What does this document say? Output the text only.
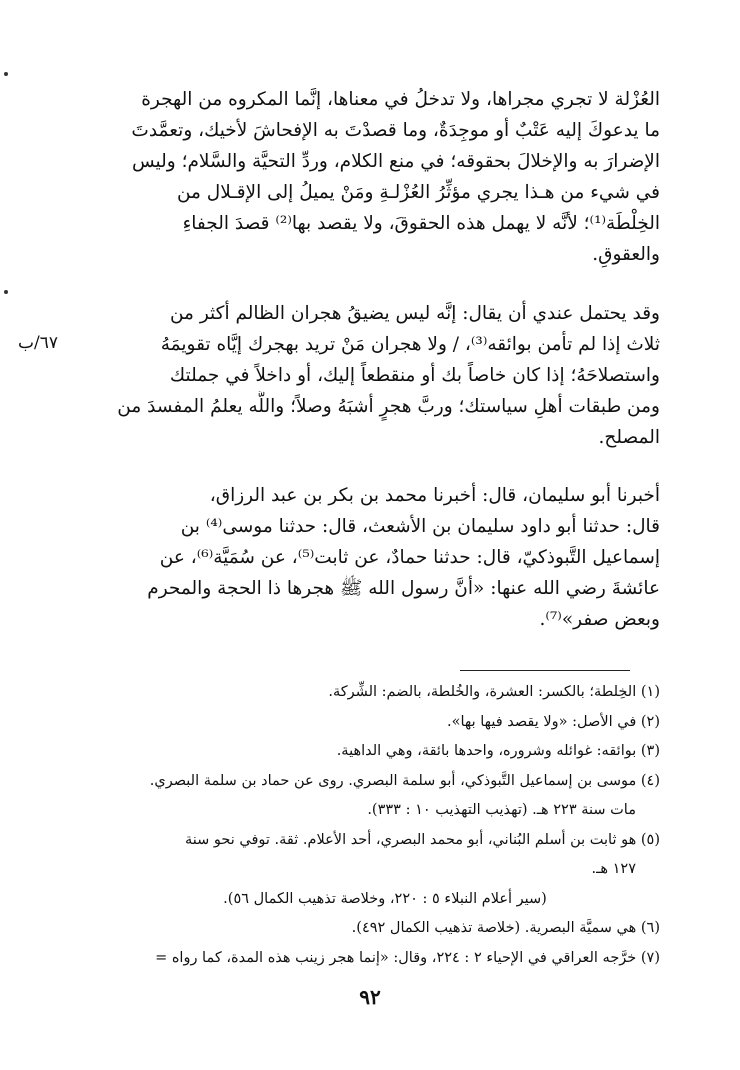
العُزْلة لا تجري مجراها، ولا تدخلُ في معناها، إنَّما المكروه من الهجرة
ما يدعوكَ إليه عَتْبٌ أو موجِدَةٌ، وما قصدْتَ به الإفحاشَ لأخيك، وتعمَّدتَ
الإضرارَ به والإخلالَ بحقوقه؛ في منع الكلام، وردِّ التحيَّة والسَّلام؛ وليس
في شيء من هـذا يجري مؤثِّرُ العُزْلـةِ ومَنْ يميلُ إلى الإقـلال من
الخِلْطَة⁽¹⁾؛ لأنَّه لا يهمل هذه الحقوقَ، ولا يقصد بها⁽²⁾ قصدَ الجفاءِ
والعقوقِ.
وقد يحتمل عندي أن يقال: إنَّه ليس يضيقُ هجران الظالم أكثر من
ثلاث إذا لم تأمن بوائقه⁽³⁾، / ولا هجران مَنْ تريد بهجرك إيَّاه تقويمَهُ
واستصلاحَهُ؛ إذا كان خاصاً بك أو منقطعاً إليك، أو داخلاً في جملتك
ومن طبقات أهلِ سياستك؛ وربَّ هجرٍ أشبَهُ وصلاً؛ واللَّه يعلمُ المفسدَ من
المصلح.
٦٧/ب
أخبرنا أبو سليمان، قال: أخبرنا محمد بن بكر بن عبد الرزاق،
قال: حدثنا أبو داود سليمان بن الأشعث، قال: حدثنا موسى⁽⁴⁾ بن
إسماعيل التَّبوذكيّ، قال: حدثنا حمادٌ، عن ثابت⁽⁵⁾، عن سُمَيَّة⁽⁶⁾، عن
عائشةَ رضي الله عنها: «أنَّ رسول الله ﷺ هجرها ذا الحجة والمحرم
وبعض صفر»⁽⁷⁾.
(١) الخِلطة؛ بالكسر: العشرة، والخُلطة، بالضم: الشِّركة.
(٢) في الأصل: «ولا يقصد فيها بها».
(٣) بوائقه: غوائله وشروره، واحدها بائقة، وهي الداهية.
(٤) موسى بن إسماعيل التَّبوذكي، أبو سلمة البصري. روى عن حماد بن سلمة البصري.
مات سنة ٢٢٣ هـ. (تهذيب التهذيب ١٠ : ٣٣٣).
(٥) هو ثابت بن أسلم البُناني، أبو محمد البصري، أحد الأعلام. ثقة. توفي نحو سنة
١٢٧ هـ.
(سير أعلام النبلاء ٥ : ٢٢٠، وخلاصة تذهيب الكمال ٥٦).
(٦) هي سميَّة البصرية. (خلاصة تذهيب الكمال ٤٩٢).
(٧) خرَّجه العراقي في الإحياء ٢ : ٢٢٤، وقال: «إنما هجر زينب هذه المدة، كما رواه =
٩٢
